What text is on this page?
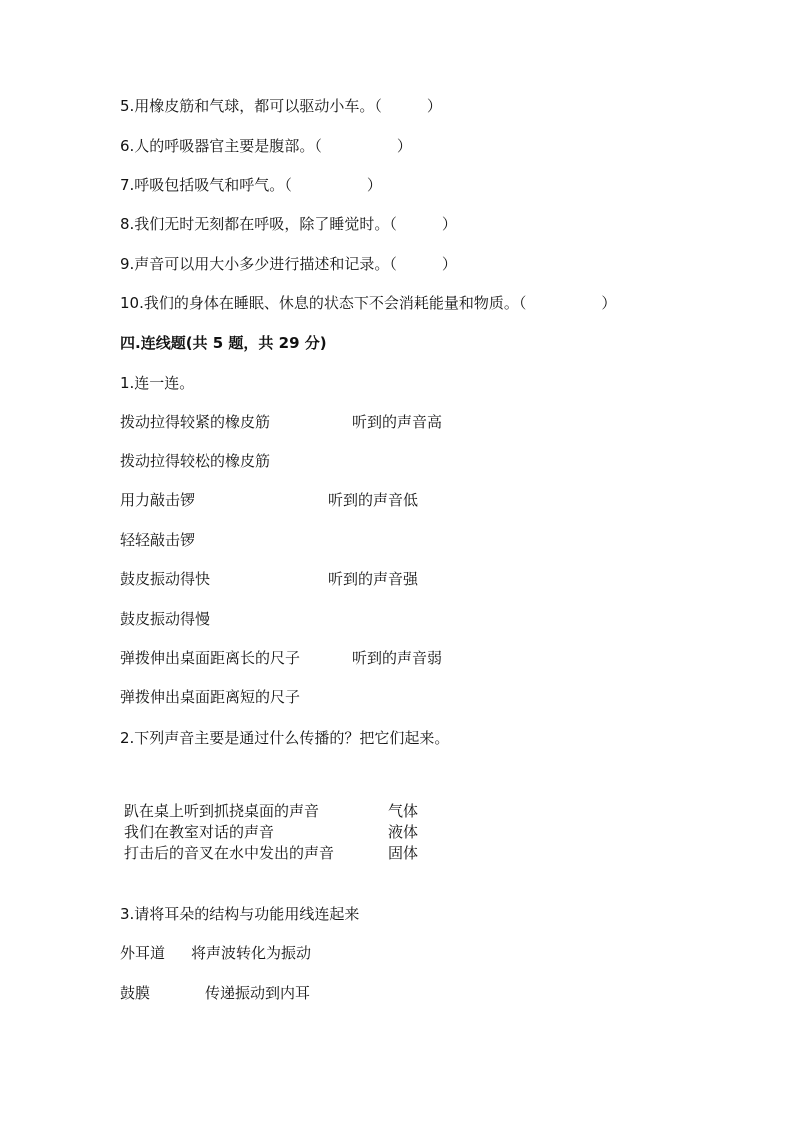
5.用橡皮筋和气球，都可以驱动小车。（　　　）
6.人的呼吸器官主要是腹部。（　　　　　）
7.呼吸包括吸气和呼气。（　　　　　）
8.我们无时无刻都在呼吸，除了睡觉时。（　　　）
9.声音可以用大小多少进行描述和记录。（　　　）
10.我们的身体在睡眠、休息的状态下不会消耗能量和物质。（　　　　　）
四.连线题(共 5 题，共 29 分)
1.连一连。
拨动拉得较紧的橡皮筋	听到的声音高
拨动拉得较松的橡皮筋
用力敲击锣	听到的声音低
轻轻敲击锣
鼓皮振动得快	听到的声音强
鼓皮振动得慢
弹拨伸出桌面距离长的尺子	听到的声音弱
弹拨伸出桌面距离短的尺子
2.下列声音主要是通过什么传播的？把它们起来。
趴在桌上听到抓挠桌面的声音	气体
我们在教室对话的声音	液体
打击后的音叉在水中发出的声音	固体
3.请将耳朵的结构与功能用线连起来
外耳道 将声波转化为振动
鼓膜	传递振动到内耳
